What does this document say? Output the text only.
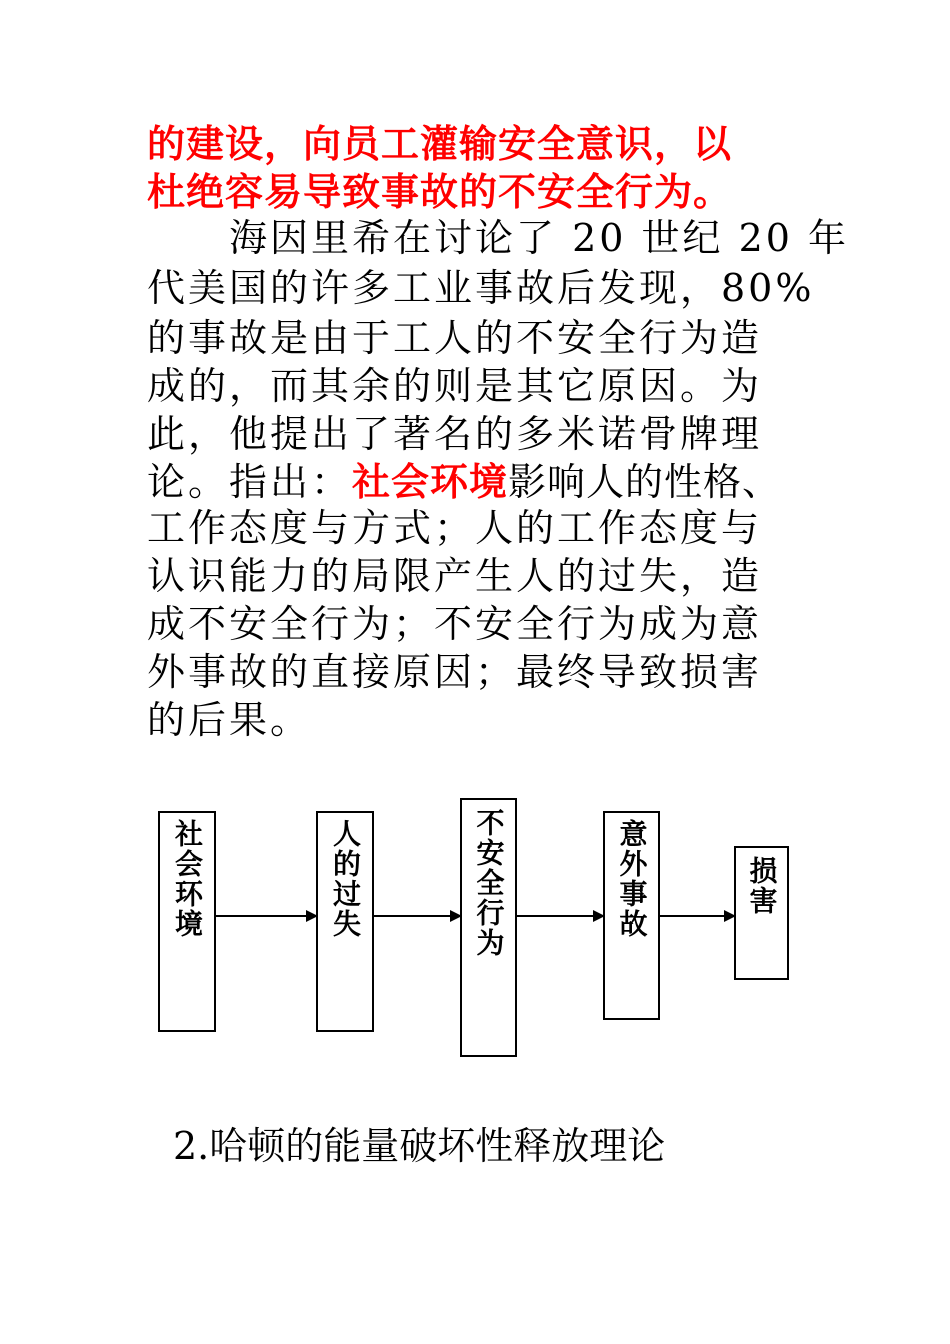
的建设，向员工灌输安全意识，以
杜绝容易导致事故的不安全行为。
　　海因里希在讨论了 20 世纪 20 年
代美国的许多工业事故后发现，80%
的事故是由于工人的不安全行为造
成的，而其余的则是其它原因。为
此，他提出了著名的多米诺骨牌理
论。指出：社会环境影响人的性格、
工作态度与方式；人的工作态度与
认识能力的局限产生人的过失，造
成不安全行为；不安全行为成为意
外事故的直接原因；最终导致损害
的后果。
社会环境	人的过失	不安全行为	意外事故	损害
2.哈顿的能量破坏性释放理论
